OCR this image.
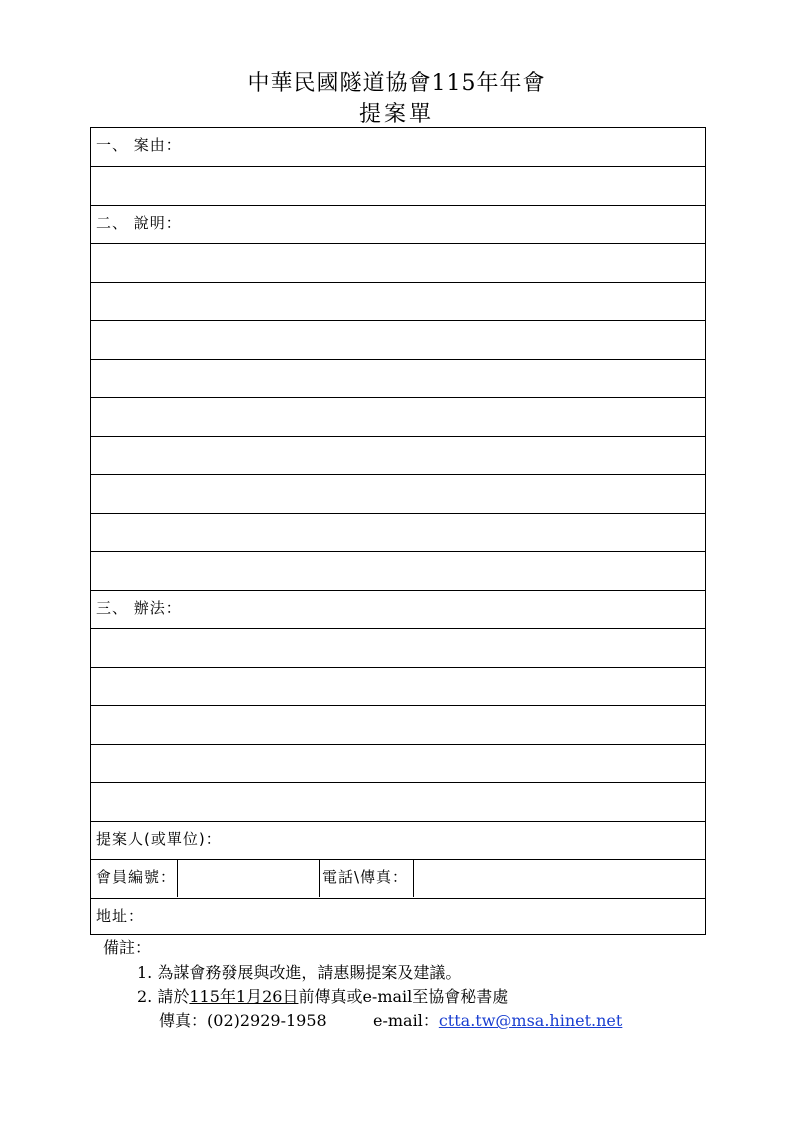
中華民國隧道協會115年年會
提案單
一、 案由：
二、 說明：
三、 辦法：
提案人(或單位)：
會員編號：	電話\傳真：
地址：
備註：
1. 為謀會務發展與改進，請惠賜提案及建議。
2. 請於115年1月26日前傳真或e-mail至協會秘書處
傳真：(02)2929-1958	e-mail：ctta.tw@msa.hinet.net
